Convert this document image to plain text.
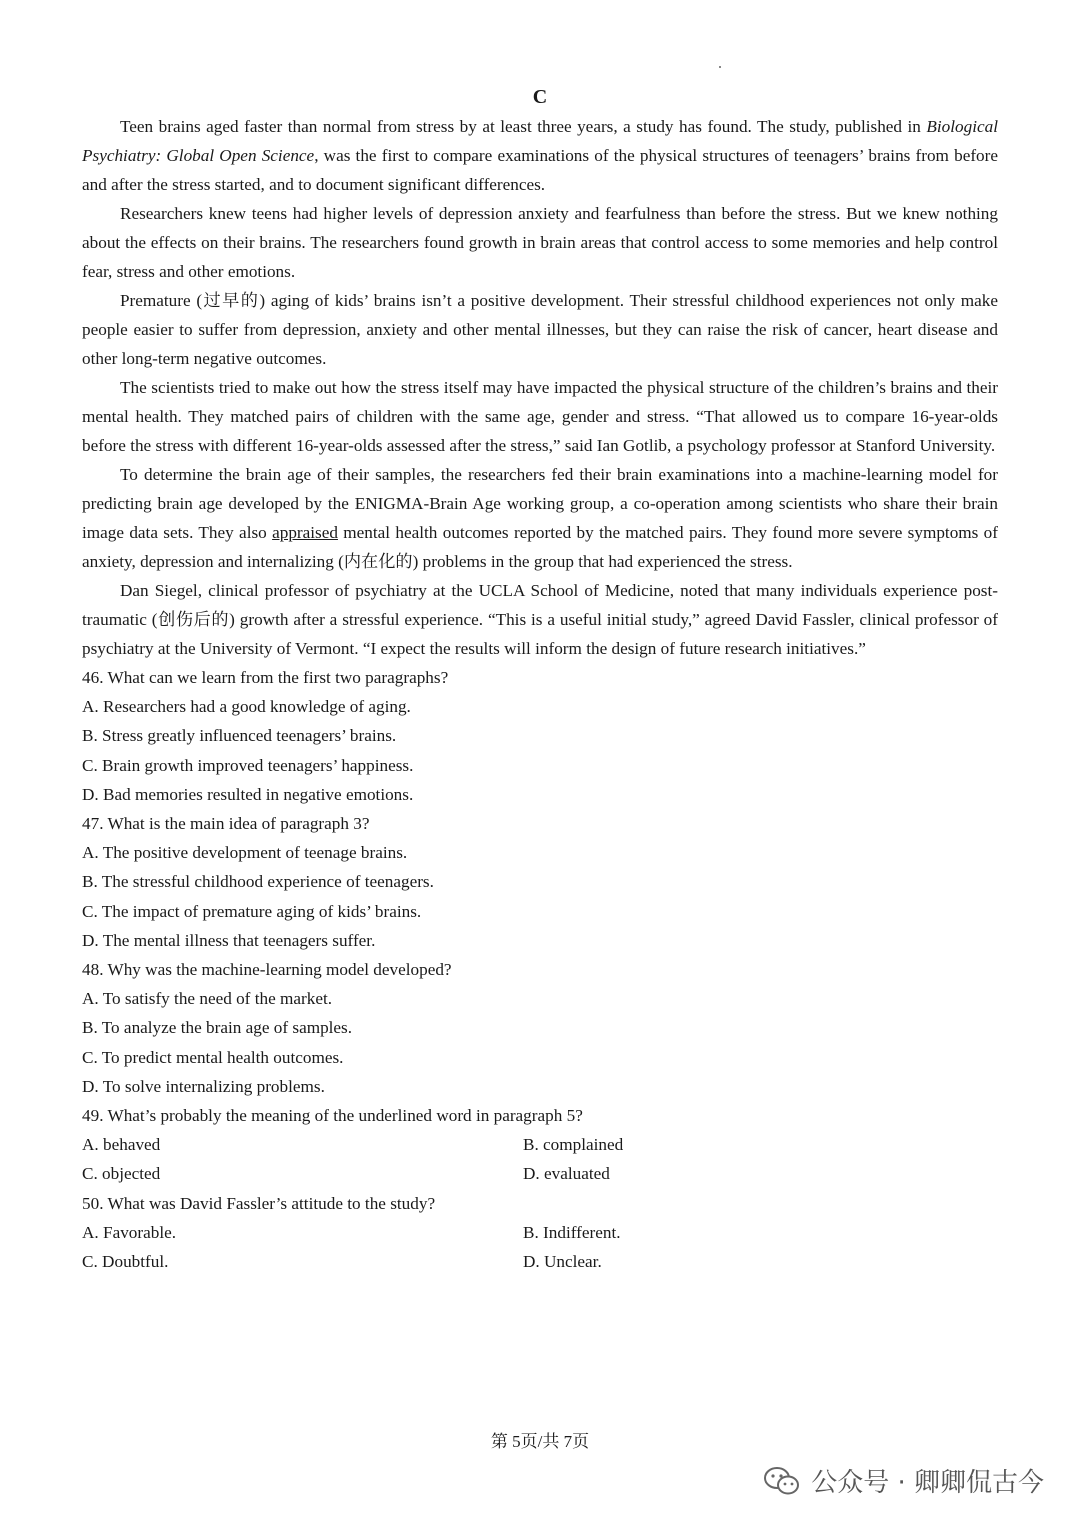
C

Teen brains aged faster than normal from stress by at least three years, a study has found. The study, published in Biological Psychiatry: Global Open Science, was the first to compare examinations of the physical structures of teenagers’ brains from before and after the stress started, and to document significant differences.

Researchers knew teens had higher levels of depression anxiety and fearfulness than before the stress. But we knew nothing about the effects on their brains. The researchers found growth in brain areas that control access to some memories and help control fear, stress and other emotions.

Premature (过早的) aging of kids’ brains isn’t a positive development. Their stressful childhood experiences not only make people easier to suffer from depression, anxiety and other mental illnesses, but they can raise the risk of cancer, heart disease and other long-term negative outcomes.

The scientists tried to make out how the stress itself may have impacted the physical structure of the children’s brains and their mental health. They matched pairs of children with the same age, gender and stress. “That allowed us to compare 16-year-olds before the stress with different 16-year-olds assessed after the stress,” said Ian Gotlib, a psychology professor at Stanford University.

To determine the brain age of their samples, the researchers fed their brain examinations into a machine-learning model for predicting brain age developed by the ENIGMA-Brain Age working group, a co-operation among scientists who share their brain image data sets. They also appraised mental health outcomes reported by the matched pairs. They found more severe symptoms of anxiety, depression and internalizing (内在化的) problems in the group that had experienced the stress.

Dan Siegel, clinical professor of psychiatry at the UCLA School of Medicine, noted that many individuals experience post-traumatic (创伤后的) growth after a stressful experience. “This is a useful initial study,” agreed David Fassler, clinical professor of psychiatry at the University of Vermont. “I expect the results will inform the design of future research initiatives.”

46. What can we learn from the first two paragraphs?

A. Researchers had a good knowledge of aging.

B. Stress greatly influenced teenagers’ brains.

C. Brain growth improved teenagers’ happiness.

D. Bad memories resulted in negative emotions.

47. What is the main idea of paragraph 3?

A. The positive development of teenage brains.

B. The stressful childhood experience of teenagers.

C. The impact of premature aging of kids’ brains.

D. The mental illness that teenagers suffer.

48. Why was the machine-learning model developed?

A. To satisfy the need of the market.

B. To analyze the brain age of samples.

C. To predict mental health outcomes.

D. To solve internalizing problems.

49. What’s probably the meaning of the underlined word in paragraph 5?

A. behaved	B. complained
C. objected	D. evaluated

50. What was David Fassler’s attitude to the study?

A. Favorable.	B. Indifferent.
C. Doubtful.	D. Unclear.
第 5页/共 7页
公众号 · 卿卿侃古今
